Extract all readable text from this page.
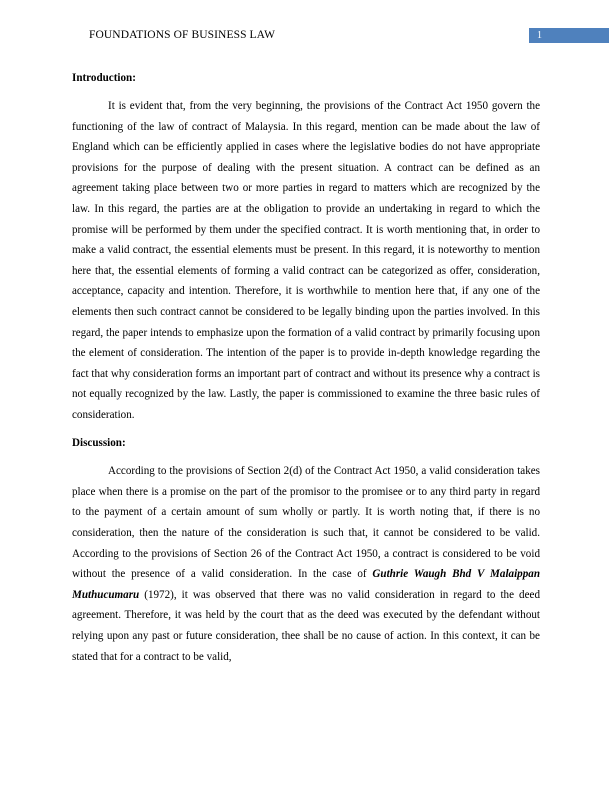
FOUNDATIONS OF BUSINESS LAW	1
Introduction:

It is evident that, from the very beginning, the provisions of the Contract Act 1950 govern the functioning of the law of contract of Malaysia. In this regard, mention can be made about the law of England which can be efficiently applied in cases where the legislative bodies do not have appropriate provisions for the purpose of dealing with the present situation. A contract can be defined as an agreement taking place between two or more parties in regard to matters which are recognized by the law. In this regard, the parties are at the obligation to provide an undertaking in regard to which the promise will be performed by them under the specified contract. It is worth mentioning that, in order to make a valid contract, the essential elements must be present. In this regard, it is noteworthy to mention here that, the essential elements of forming a valid contract can be categorized as offer, consideration, acceptance, capacity and intention. Therefore, it is worthwhile to mention here that, if any one of the elements then such contract cannot be considered to be legally binding upon the parties involved. In this regard, the paper intends to emphasize upon the formation of a valid contract by primarily focusing upon the element of consideration. The intention of the paper is to provide in-depth knowledge regarding the fact that why consideration forms an important part of contract and without its presence why a contract is not equally recognized by the law. Lastly, the paper is commissioned to examine the three basic rules of consideration.

Discussion:

According to the provisions of Section 2(d) of the Contract Act 1950, a valid consideration takes place when there is a promise on the part of the promisor to the promisee or to any third party in regard to the payment of a certain amount of sum wholly or partly. It is worth noting that, if there is no consideration, then the nature of the consideration is such that, it cannot be considered to be valid. According to the provisions of Section 26 of the Contract Act 1950, a contract is considered to be void without the presence of a valid consideration. In the case of Guthrie Waugh Bhd V Malaippan Muthucumaru (1972), it was observed that there was no valid consideration in regard to the deed agreement. Therefore, it was held by the court that as the deed was executed by the defendant without relying upon any past or future consideration, thee shall be no cause of action. In this context, it can be stated that for a contract to be valid,
